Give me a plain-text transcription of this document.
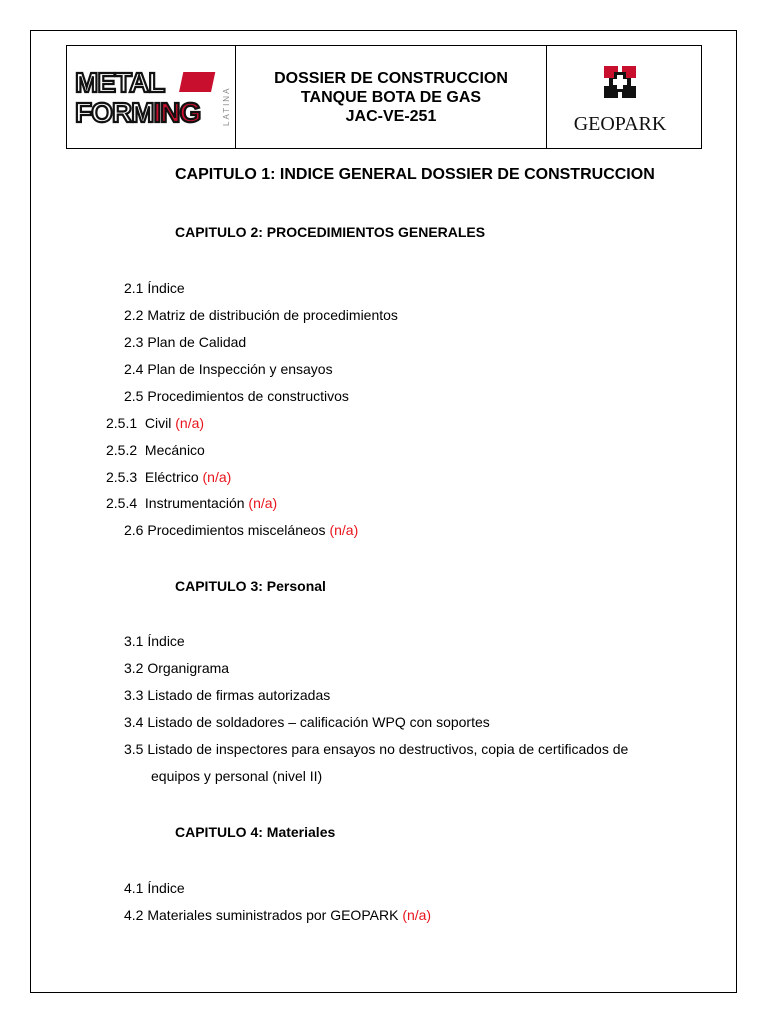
METAL
FORMING	LATINA
DOSSIER DE CONSTRUCCION
TANQUE BOTA DE GAS
JAC-VE-251	GEOPARK
CAPITULO 1: INDICE GENERAL DOSSIER DE CONSTRUCCION
CAPITULO 2: PROCEDIMIENTOS GENERALES
2.1 Índice
2.2 Matriz de distribución de procedimientos
2.3 Plan de Calidad
2.4 Plan de Inspección y ensayos
2.5 Procedimientos de constructivos
2.5.1 Civil (n/a)
2.5.2 Mecánico
2.5.3 Eléctrico (n/a)
2.5.4 Instrumentación (n/a)
2.6 Procedimientos misceláneos (n/a)
CAPITULO 3: Personal
3.1 Índice
3.2 Organigrama
3.3 Listado de firmas autorizadas
3.4 Listado de soldadores – calificación WPQ con soportes
3.5 Listado de inspectores para ensayos no destructivos, copia de certificados de
equipos y personal (nivel II)
CAPITULO 4: Materiales
4.1 Índice
4.2 Materiales suministrados por GEOPARK (n/a)
